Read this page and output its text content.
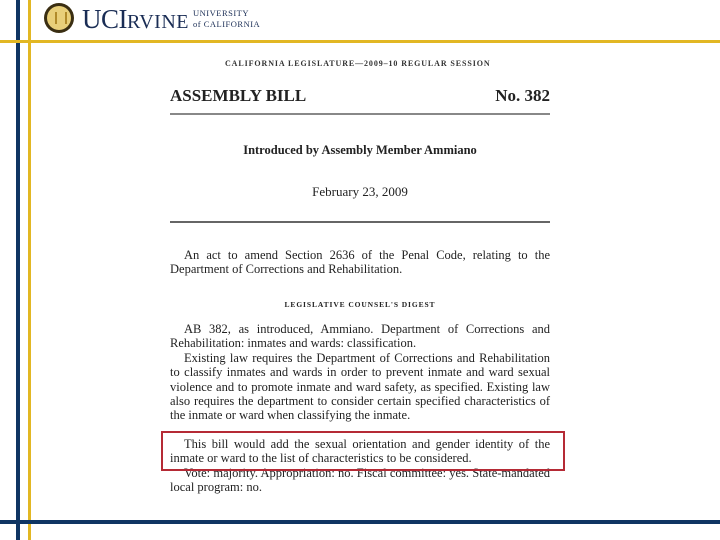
UCIRVINE UNIVERSITY
of CALIFORNIA
CALIFORNIA LEGISLATURE—2009–10 REGULAR SESSION
ASSEMBLY BILL	No. 382
Introduced by Assembly Member Ammiano
February 23, 2009
An act to amend Section 2636 of the Penal Code, relating to the Department of Corrections and Rehabilitation.
LEGISLATIVE COUNSEL'S DIGEST
AB 382, as introduced, Ammiano. Department of Corrections and Rehabilitation: inmates and wards: classification.
Existing law requires the Department of Corrections and Rehabilitation to classify inmates and wards in order to prevent inmate and ward sexual violence and to promote inmate and ward safety, as specified. Existing law also requires the department to consider certain specified characteristics of the inmate or ward when classifying the inmate.
This bill would add the sexual orientation and gender identity of the inmate or ward to the list of characteristics to be considered.
Vote: majority. Appropriation: no. Fiscal committee: yes. State-mandated local program: no.
